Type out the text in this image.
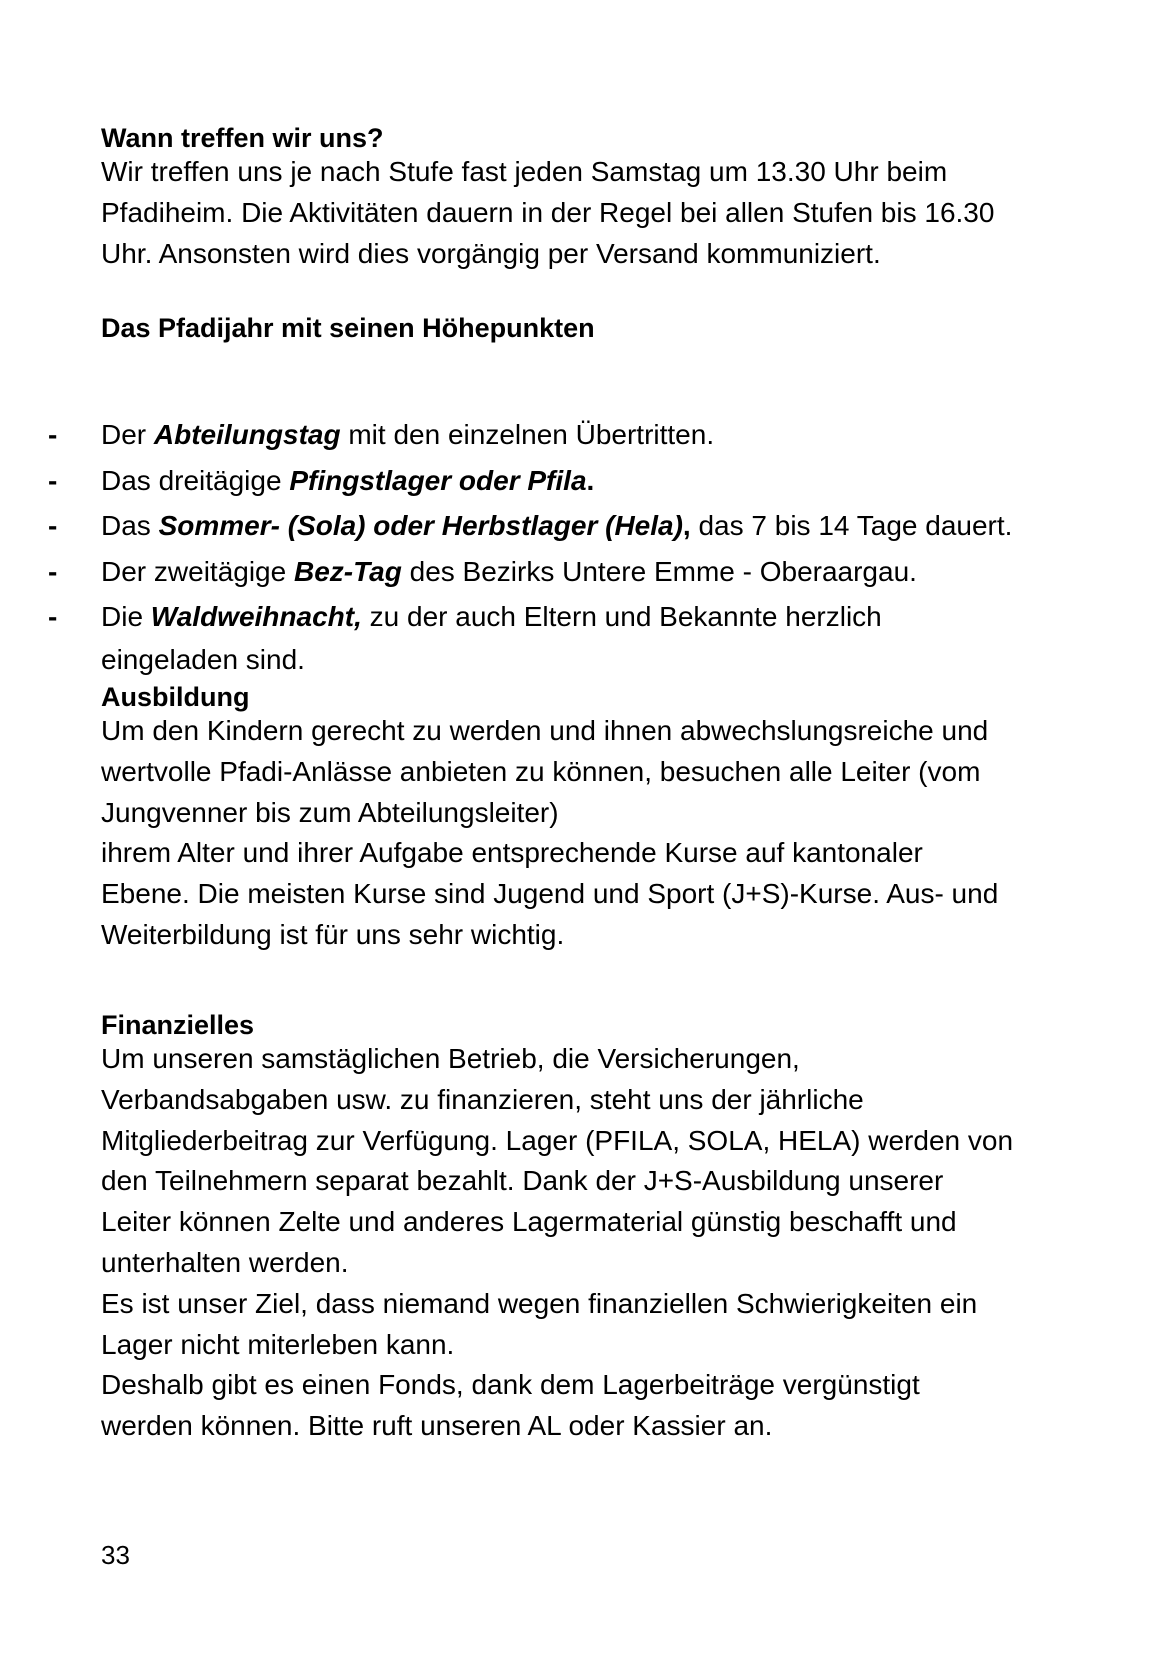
Wann treffen wir uns?
Wir treffen uns je nach Stufe fast jeden Samstag um 13.30 Uhr beim
Pfadiheim. Die Aktivitäten dauern in der Regel bei allen Stufen bis 16.30
Uhr. Ansonsten wird dies vorgängig per Versand kommuniziert.
Das Pfadijahr mit seinen Höhepunkten
- Der Abteilungstag mit den einzelnen Übertritten.
- Das dreitägige Pfingstlager oder Pfila.
- Das Sommer- (Sola) oder Herbstlager (Hela), das 7 bis 14 Tage dauert.
- Der zweitägige Bez-Tag des Bezirks Untere Emme - Oberaargau.
- Die Waldweihnacht, zu der auch Eltern und Bekannte herzlich
eingeladen sind.
Ausbildung
Um den Kindern gerecht zu werden und ihnen abwechslungsreiche und
wertvolle Pfadi-Anlässe anbieten zu können, besuchen alle Leiter (vom
Jungvenner bis zum Abteilungsleiter)
ihrem Alter und ihrer Aufgabe entsprechende Kurse auf kantonaler
Ebene. Die meisten Kurse sind Jugend und Sport (J+S)-Kurse. Aus- und
Weiterbildung ist für uns sehr wichtig.
Finanzielles
Um unseren samstäglichen Betrieb, die Versicherungen,
Verbandsabgaben usw. zu finanzieren, steht uns der jährliche
Mitgliederbeitrag zur Verfügung. Lager (PFILA, SOLA, HELA) werden von
den Teilnehmern separat bezahlt. Dank der J+S-Ausbildung unserer
Leiter können Zelte und anderes Lagermaterial günstig beschafft und
unterhalten werden.
Es ist unser Ziel, dass niemand wegen finanziellen Schwierigkeiten ein
Lager nicht miterleben kann.
Deshalb gibt es einen Fonds, dank dem Lagerbeiträge vergünstigt
werden können. Bitte ruft unseren AL oder Kassier an.
33
